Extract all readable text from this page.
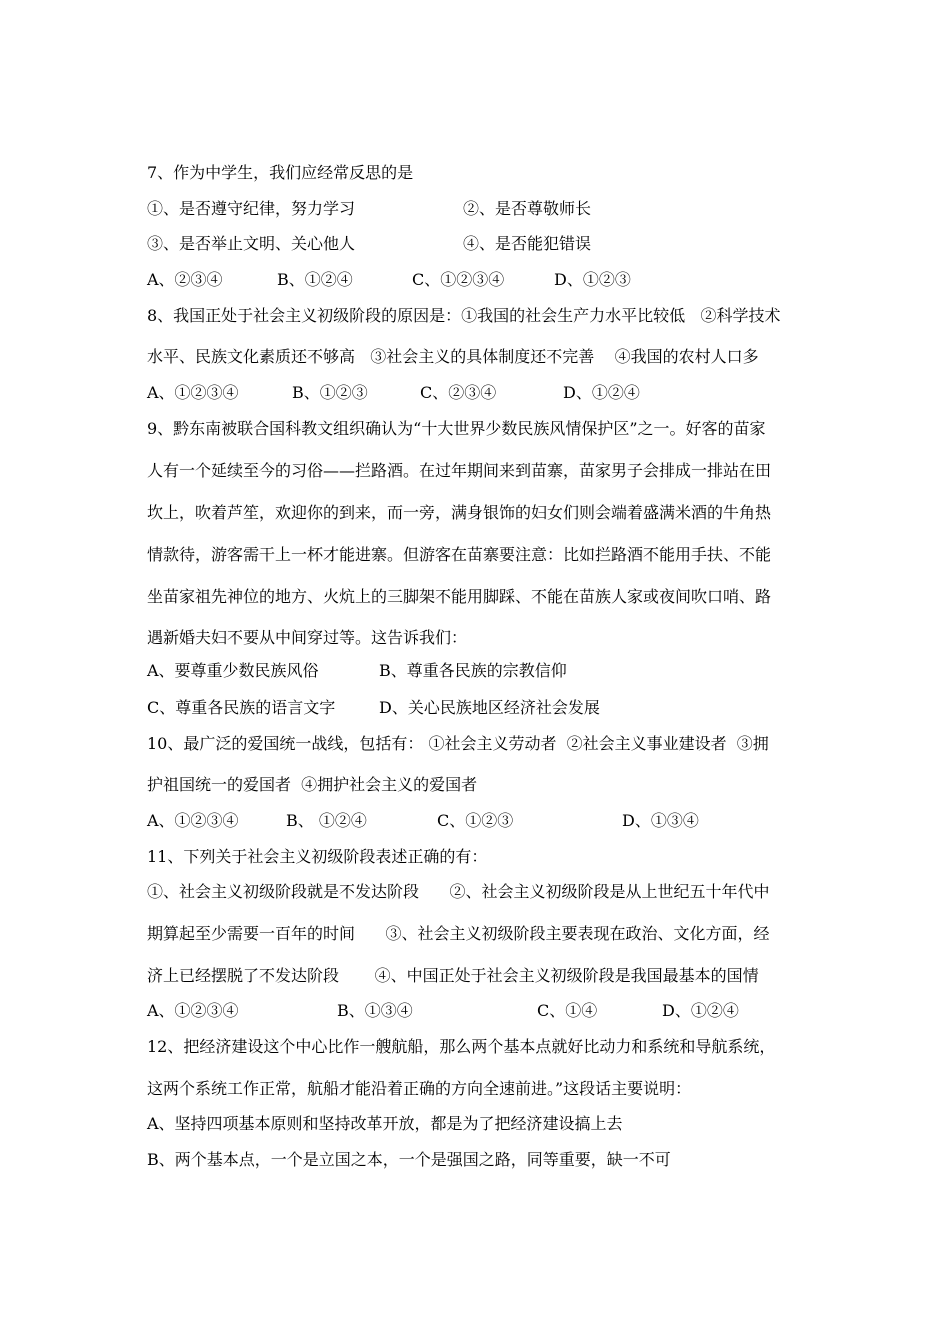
7、作为中学生，我们应经常反思的是

①、是否遵守纪律，努力学习

	②、是否尊敬师长

③、是否举止文明、关心他人

	④、是否能犯错误

A、②③④

	B、①②④

	C、①②③④

	D、①②③

8、我国正处于社会主义初级阶段的原因是：①我国的社会生产力水平比较低   ②科学技术
水平、民族文化素质还不够高   ③社会主义的具体制度还不完善    ④我国的农村人口多

A、①②③④

	B、①②③

	C、②③④

	D、①②④

9、黔东南被联合国科教文组织确认为“十大世界少数民族风情保护区”之一。好客的苗家
人有一个延续至今的习俗——拦路酒。在过年期间来到苗寨，苗家男子会排成一排站在田
坎上，吹着芦笙，欢迎你的到来，而一旁，满身银饰的妇女们则会端着盛满米酒的牛角热
情款待，游客需干上一杯才能进寨。但游客在苗寨要注意：比如拦路酒不能用手扶、不能
坐苗家祖先神位的地方、火炕上的三脚架不能用脚踩、不能在苗族人家或夜间吹口哨、路
遇新婚夫妇不要从中间穿过等。这告诉我们：

A、要尊重少数民族风俗

	B、尊重各民族的宗教信仰

C、尊重各民族的语言文字

	D、关心民族地区经济社会发展

10、最广泛的爱国统一战线，包括有： ①社会主义劳动者  ②社会主义事业建设者  ③拥
护祖国统一的爱国者  ④拥护社会主义的爱国者

A、①②③④

	B、 ①②④

	C、①②③

	D、①③④

11、下列关于社会主义初级阶段表述正确的有：
①、社会主义初级阶段就是不发达阶段      ②、社会主义初级阶段是从上世纪五十年代中
期算起至少需要一百年的时间      ③、社会主义初级阶段主要表现在政治、文化方面，经
济上已经摆脱了不发达阶段       ④、中国正处于社会主义初级阶段是我国最基本的国情

A、①②③④

	B、①③④

	C、①④

	D、①②④

12、把经济建设这个中心比作一艘航船，那么两个基本点就好比动力和系统和导航系统，
这两个系统工作正常，航船才能沿着正确的方向全速前进。”这段话主要说明：
A、坚持四项基本原则和坚持改革开放，都是为了把经济建设搞上去
B、两个基本点，一个是立国之本，一个是强国之路，同等重要，缺一不可
